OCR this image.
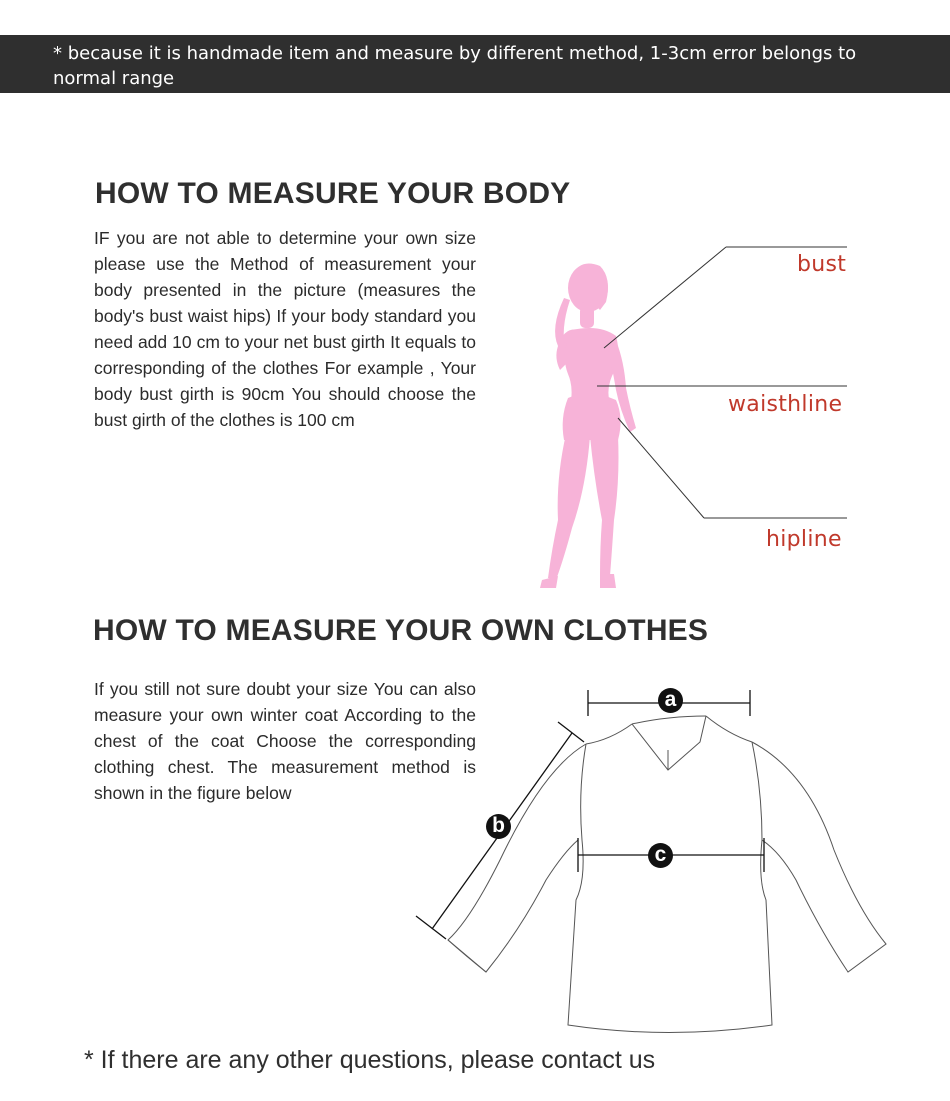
* because it is handmade item and measure by different method, 1-3cm error belongs to normal range
HOW TO MEASURE YOUR BODY

IF you are not able to determine your own size please use the Method of measurement your body presented in the picture (measures the body's bust waist hips) If your body standard you need add 10 cm to your net bust girth It equals to corresponding of the clothes For example , Your body bust girth is 90cm You should choose the bust girth of the clothes is 100 cm

bust
waisthline
hipline
HOW TO MEASURE YOUR OWN CLOTHES

If you still not sure doubt your size You can also measure your own winter coat According to the chest of the coat Choose the corresponding clothing chest. The measurement method is shown in the figure below

a
b
c

* If there are any other questions, please contact us
